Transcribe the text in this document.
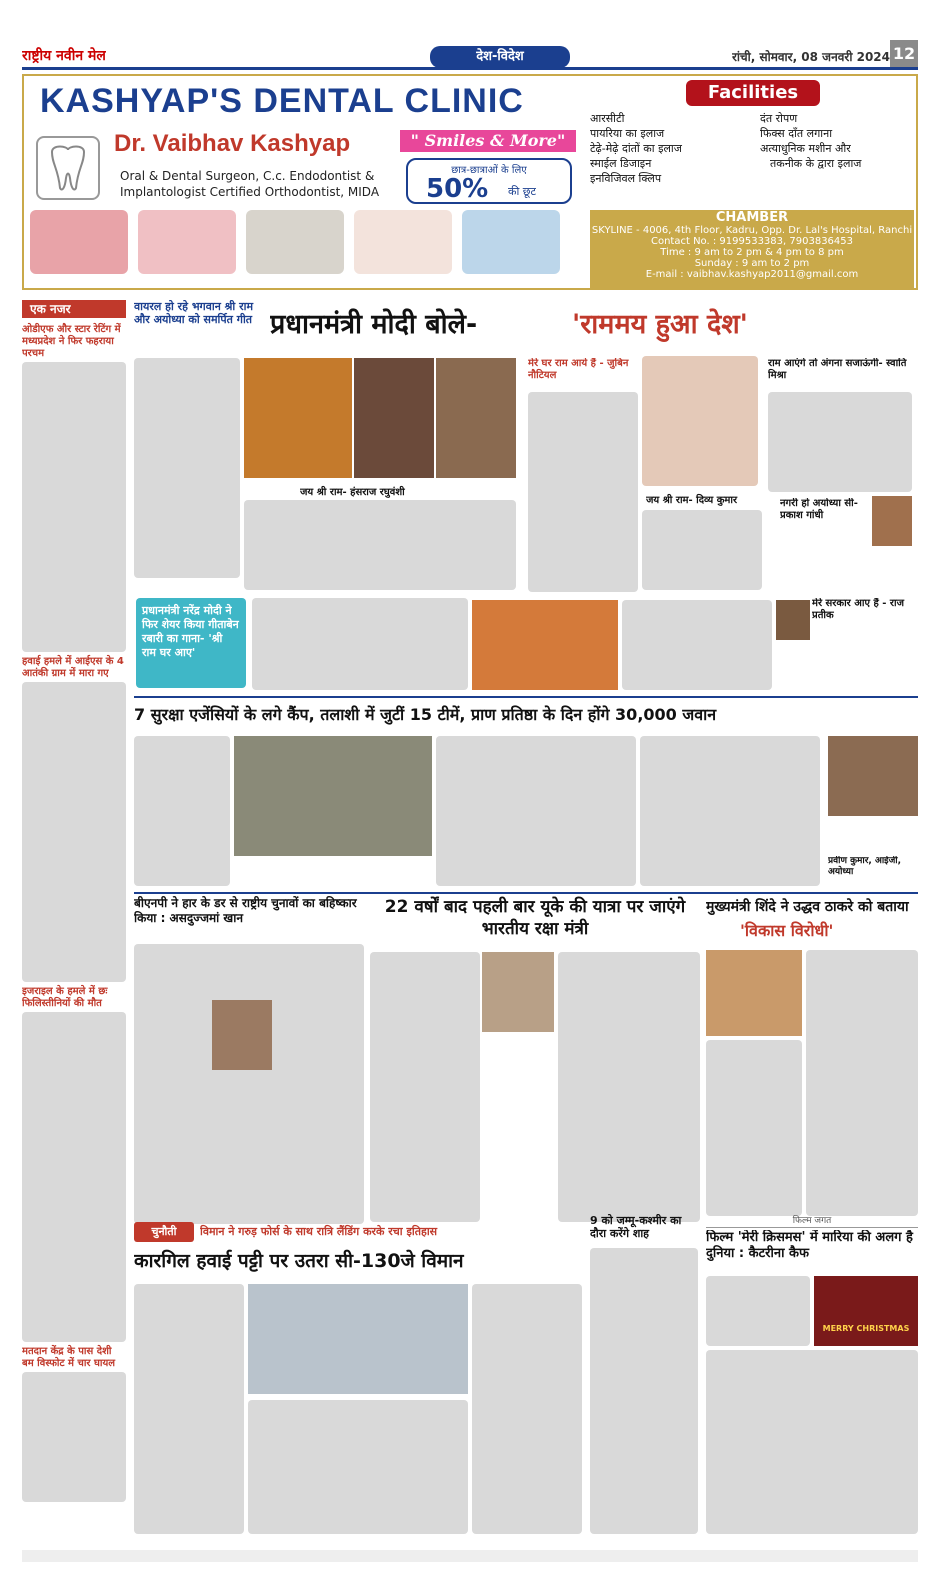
राष्ट्रीय नवीन मेल	देश-विदेश	रांची, सोमवार, 08 जनवरी 2024 12
KASHYAP'S DENTAL CLINIC
Dr. Vaibhav Kashyap
Oral & Dental Surgeon, C.c. Endodontist &
Implantologist Certified Orthodontist, MIDA
" Smiles & More"
छात्र-छात्राओं के लिए
50% की छूट
Facilities
आरसीटी
पायरिया का इलाज
टेढ़े-मेढ़े दांतों का इलाज
स्माईल डिजाइन
इनविजिवल क्लिप
दंत रोपण
फिक्स दाँत लगाना
अत्याधुनिक मशीन और
तकनीक के द्वारा इलाज
CHAMBER
SKYLINE - 4006, 4th Floor, Kadru, Opp. Dr. Lal's Hospital, Ranchi
Contact No. : 9199533383, 7903836453
Time : 9 am to 2 pm & 4 pm to 8 pm
Sunday : 9 am to 2 pm
E-mail : vaibhav.kashyap2011@gmail.com
एक नजर
ओडीएफ और स्टार रेटिंग में मध्यप्रदेश ने फिर फहराया परचम
हवाई हमले में आईएस के 4 आतंकी ग्राम में मारा गए
इजराइल के हमले में छः फिलिस्तीनियों की मौत
मतदान केंद्र के पास देशी बम विस्फोट में चार घायल
वायरल हो रहे भगवान श्री राम और अयोध्या को समर्पित गीत प्रधानमंत्री मोदी बोले-	'राममय हुआ देश'
जय श्री राम- हंसराज रघुवंशी
मेरे घर राम आये हैं - जुबिन नौटियल
राम आएंगे तो अंगना सजाऊंगी- स्वाति मिश्रा
जय श्री राम- दिव्य कुमार	नगरी हो अयोध्या सी- प्रकाश गांधी
मेरे सरकार आए हैं - राज प्रतीक
प्रधानमंत्री नरेंद्र मोदी ने फिर शेयर किया गीताबेन रबारी का गाना- 'श्री राम घर आए'
7 सुरक्षा एजेंसियों के लगे कैंप, तलाशी में जुटीं 15 टीमें, प्राण प्रतिष्ठा के दिन होंगे 30,000 जवान
प्रवीण कुमार, आईजी, अयोध्या
बीएनपी ने हार के डर से राष्ट्रीय चुनावों का बहिष्कार किया : असदुज्जमां खान
22 वर्षों बाद पहली बार यूके की यात्रा पर जाएंगे भारतीय रक्षा मंत्री
मुख्यमंत्री शिंदे ने उद्धव ठाकरे को बताया
'विकास विरोधी'
चुनौती	विमान ने गरुड़ फोर्स के साथ रात्रि लैंडिंग करके रचा इतिहास
कारगिल हवाई पट्टी पर उतरा सी-130जे विमान
9 को जम्मू-कश्मीर का दौरा करेंगे शाह
फिल्म जगत
फिल्म 'मेरी क्रिसमस' में मारिया की अलग है दुनिया : कैटरीना कैफ
MERRY CHRISTMAS
